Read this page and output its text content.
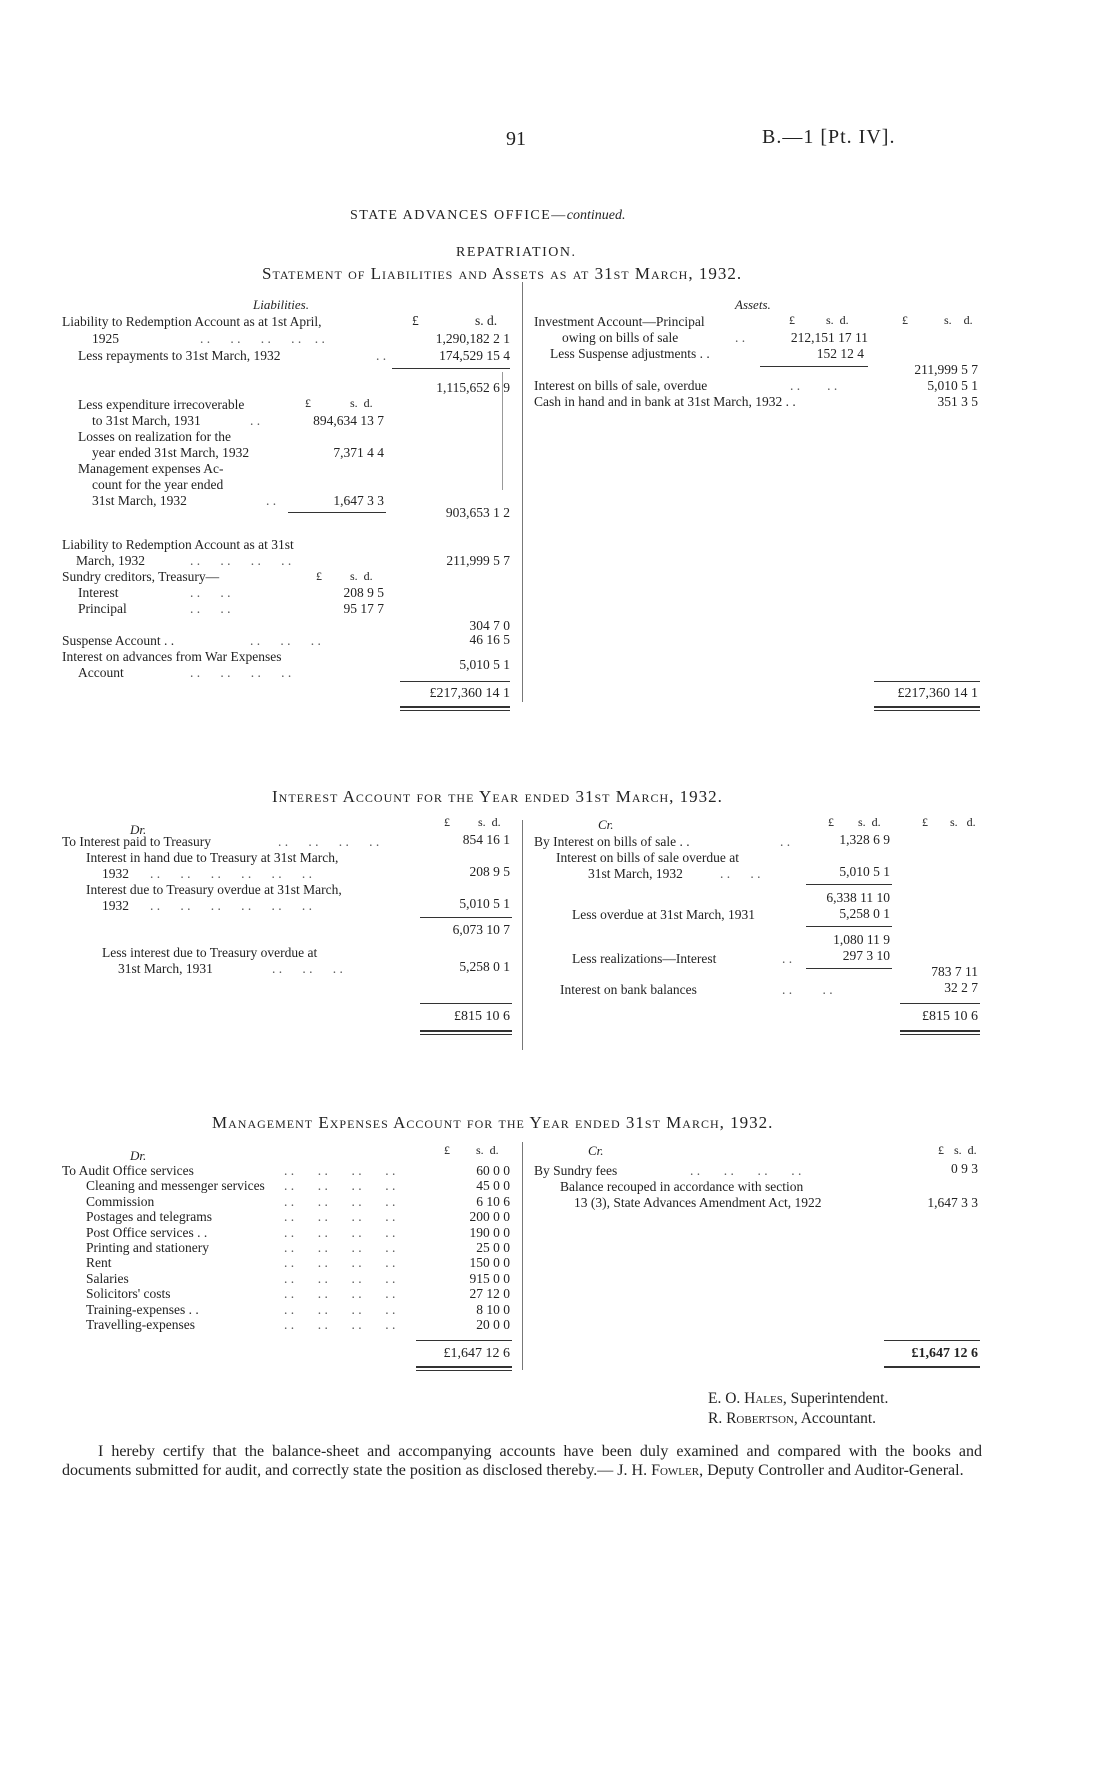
91	B.—1 [Pt. IV].
STATE ADVANCES OFFICE—continued.
REPATRIATION.
Statement of Liabilities and Assets as at 31st March, 1932.
Liabilities.	Assets.
£	s. d.
Liability to Redemption Account as at 1st April,
1925	. .      . .      . .      . .    . .	1,290,182 2 1
Less repayments to 31st March, 1932	. .	174,529 15 4
1,115,652 6 9
£	s. d.
Less expenditure irrecoverable
to 31st March, 1931	. .	894,634 13 7
Losses on realization for the
year ended 31st March, 1932	7,371 4 4
Management expenses Ac-
count for the year ended
31st March, 1932	. .	1,647 3 3
903,653 1 2
Liability to Redemption Account as at 31st
March, 1932	. .      . .      . .      . .	211,999 5 7
Sundry creditors, Treasury—	£ s. d.
Interest	. .      . .	208 9 5
Principal	. .      . .	95 17 7
304 7 0
Suspense Account . .	. .      . .      . .	46 16 5
Interest on advances from War Expenses
Account	. .      . .      . .      . .
5,010 5 1
£217,360 14 1
£	s. d.	£	s. d.
Investment Account—Principal
owing on bills of sale	. .	212,151 17 11
Less Suspense adjustments . .	152 12 4
211,999 5 7
Interest on bills of sale, overdue	. .        . .	5,010 5 1
Cash in hand and in bank at 31st March, 1932 . .	351 3 5
£217,360 14 1
Interest Account for the Year ended 31st March, 1932.
Dr.	Cr.
£ s. d.	£ s. d.	£ s. d.
To Interest paid to Treasury	. .      . .      . .      . .	854 16 1
Interest in hand due to Treasury at 31st March,
1932 . .      . .      . .      . .      . .      . .	208 9 5
Interest due to Treasury overdue at 31st March,
1932 . .      . .      . .      . .      . .      . .	5,010 5 1
6,073 10 7
Less interest due to Treasury overdue at
31st March, 1931	. .      . .      . .	5,258 0 1
£815 10 6
By Interest on bills of sale . .	. .	1,328 6 9
Interest on bills of sale overdue at
31st March, 1932	. .      . .	5,010 5 1
6,338 11 10
Less overdue at 31st March, 1931	5,258 0 1
1,080 11 9
Less realizations—Interest	. .	297 3 10
783 7 11
Interest on bank balances	. .         . .	32 2 7
£815 10 6
Management Expenses Account for the Year ended 31st March, 1932.
Dr.	Cr.
£ s. d.	£ s. d.
To Audit Office services	. .       . .       . .       . .	60 0 0
Cleaning and messenger services . .       . .       . .       . .	45 0 0
Commission	. .       . .       . .       . .	6 10 6
Postages and telegrams	. .       . .       . .       . .	200 0 0
Post Office services . .	. .       . .       . .       . .	190 0 0
Printing and stationery	. .       . .       . .       . .	25 0 0
Rent	. .       . .       . .       . .	150 0 0
Salaries	. .       . .       . .       . .	915 0 0
Solicitors' costs	. .       . .       . .       . .	27 12 0
Training-expenses . .	. .       . .       . .       . .	8 10 0
Travelling-expenses	. .       . .       . .       . .	20 0 0
£1,647 12 6
By Sundry fees	. .       . .       . .       . .	0 9 3
Balance recouped in accordance with section
13 (3), State Advances Amendment Act, 1922	1,647 3 3
£1,647 12 6
E. O. Hales, Superintendent.
R. Robertson, Accountant.
I hereby certify that the balance-sheet and accompanying accounts have been duly examined and compared with the books and documents submitted for audit, and correctly state the position as disclosed thereby.— J. H. Fowler, Deputy Controller and Auditor-General.
